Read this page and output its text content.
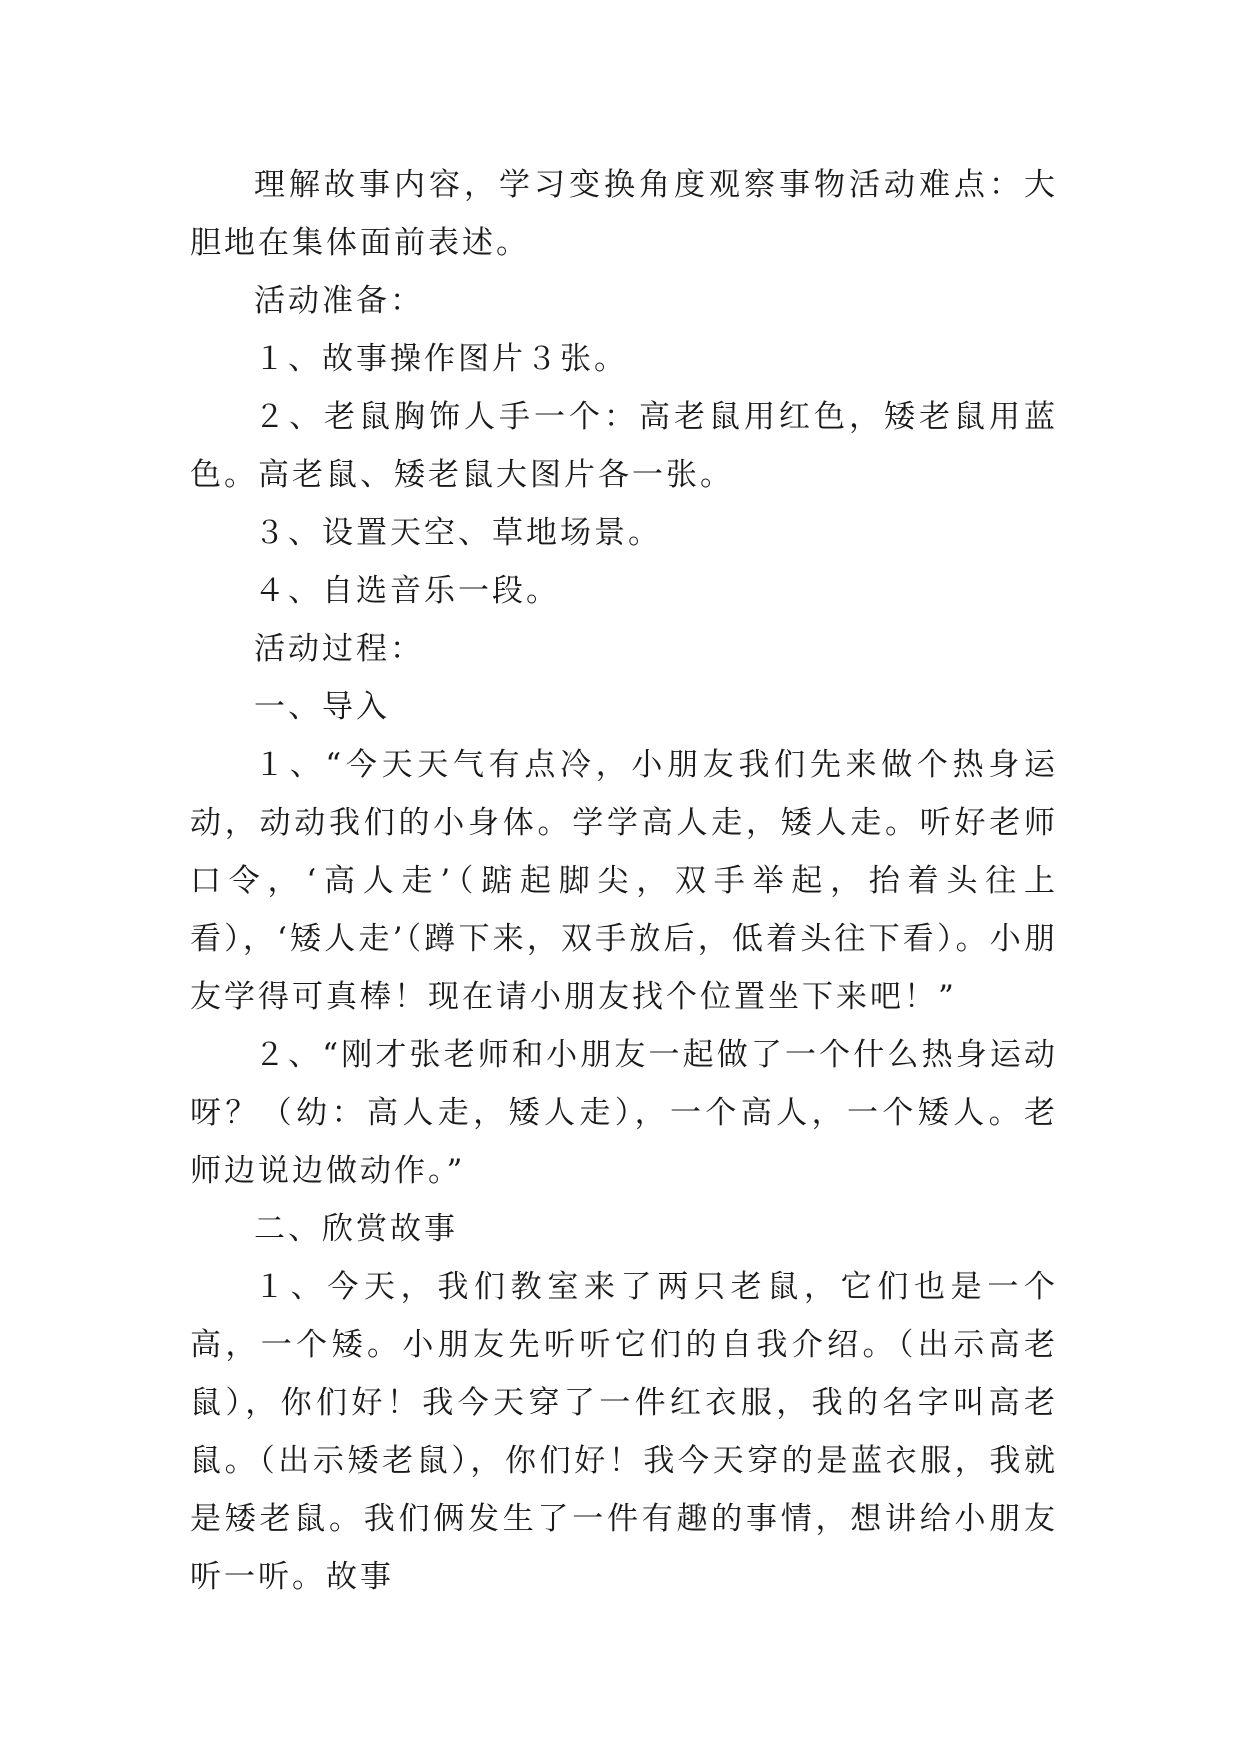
理解故事内容，学习变换角度观察事物活动难点：大胆地在集体面前表述。

活动准备：

１、故事操作图片３张。

２、老鼠胸饰人手一个：高老鼠用红色，矮老鼠用蓝色。高老鼠、矮老鼠大图片各一张。

３、设置天空、草地场景。

４、自选音乐一段。

活动过程：

一、导入

１、“今天天气有点冷，小朋友我们先来做个热身运动，动动我们的小身体。学学高人走，矮人走。听好老师口令，‘高人走’（踮起脚尖，双手举起，抬着头往上看），‘矮人走’（蹲下来，双手放后，低着头往下看）。小朋友学得可真棒！现在请小朋友找个位置坐下来吧！”

２、“刚才张老师和小朋友一起做了一个什么热身运动呀？（幼：高人走，矮人走），一个高人，一个矮人。老师边说边做动作。”

二、欣赏故事

１、今天，我们教室来了两只老鼠，它们也是一个高，一个矮。小朋友先听听它们的自我介绍。（出示高老鼠），你们好！我今天穿了一件红衣服，我的名字叫高老鼠。（出示矮老鼠），你们好！我今天穿的是蓝衣服，我就是矮老鼠。我们俩发生了一件有趣的事情，想讲给小朋友听一听。故事
